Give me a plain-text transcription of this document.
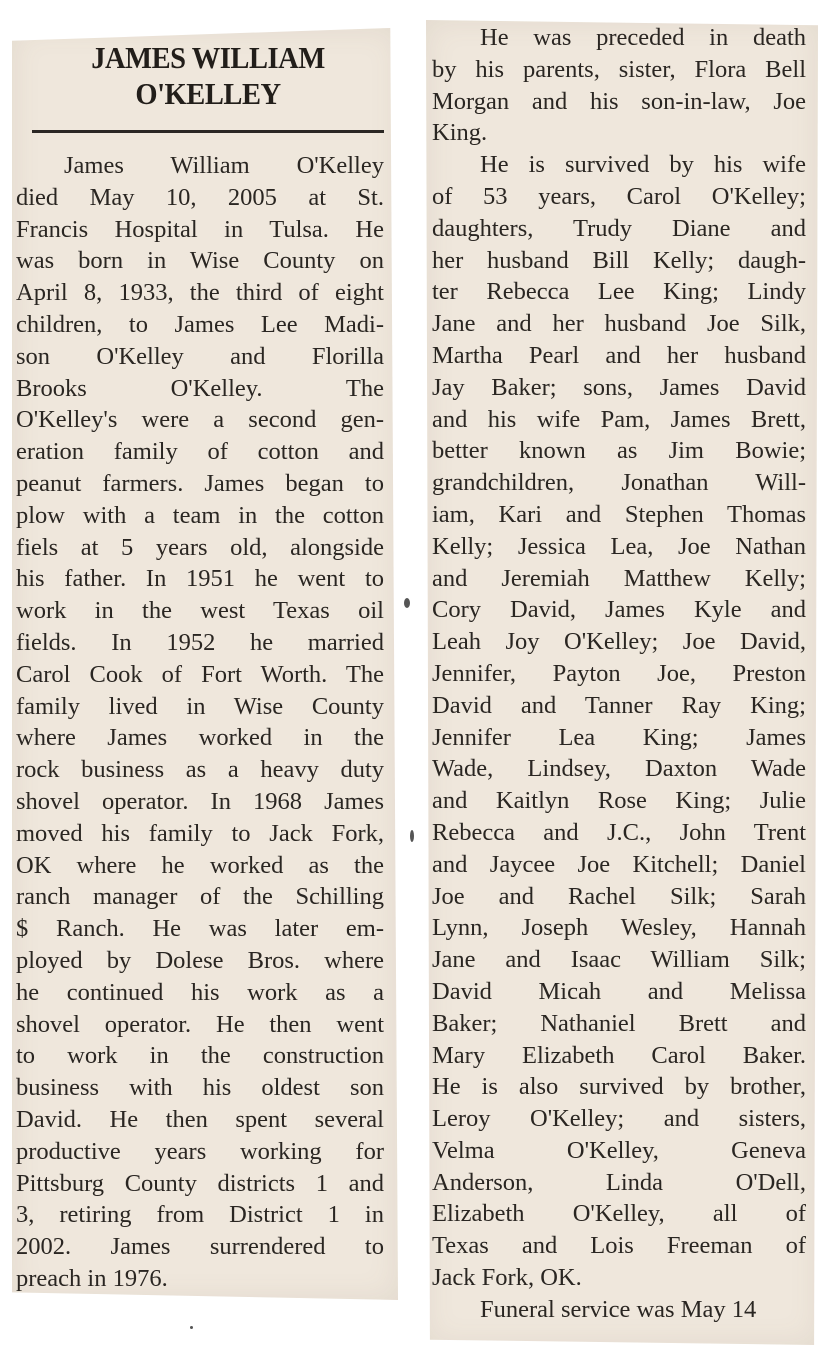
JAMES WILLIAM
O'KELLEY
James William O'Kelley
died May 10, 2005 at St.
Francis Hospital in Tulsa. He
was born in Wise County on
April 8, 1933, the third of eight
children, to James Lee Madi-
son O'Kelley and Florilla
Brooks O'Kelley. The
O'Kelley's were a second gen-
eration family of cotton and
peanut farmers. James began to
plow with a team in the cotton
fiels at 5 years old, alongside
his father. In 1951 he went to
work in the west Texas oil
fields. In 1952 he married
Carol Cook of Fort Worth. The
family lived in Wise County
where James worked in the
rock business as a heavy duty
shovel operator. In 1968 James
moved his family to Jack Fork,
OK where he worked as the
ranch manager of the Schilling
$ Ranch. He was later em-
ployed by Dolese Bros. where
he continued his work as a
shovel operator. He then went
to work in the construction
business with his oldest son
David. He then spent several
productive years working for
Pittsburg County districts 1 and
3, retiring from District 1 in
2002. James surrendered to
preach in 1976.
He was preceded in death
by his parents, sister, Flora Bell
Morgan and his son-in-law, Joe
King.
He is survived by his wife
of 53 years, Carol O'Kelley;
daughters, Trudy Diane and
her husband Bill Kelly; daugh-
ter Rebecca Lee King; Lindy
Jane and her husband Joe Silk,
Martha Pearl and her husband
Jay Baker; sons, James David
and his wife Pam, James Brett,
better known as Jim Bowie;
grandchildren, Jonathan Will-
iam, Kari and Stephen Thomas
Kelly; Jessica Lea, Joe Nathan
and Jeremiah Matthew Kelly;
Cory David, James Kyle and
Leah Joy O'Kelley; Joe David,
Jennifer, Payton Joe, Preston
David and Tanner Ray King;
Jennifer Lea King; James
Wade, Lindsey, Daxton Wade
and Kaitlyn Rose King; Julie
Rebecca and J.C., John Trent
and Jaycee Joe Kitchell; Daniel
Joe and Rachel Silk; Sarah
Lynn, Joseph Wesley, Hannah
Jane and Isaac William Silk;
David Micah and Melissa
Baker; Nathaniel Brett and
Mary Elizabeth Carol Baker.
He is also survived by brother,
Leroy O'Kelley; and sisters,
Velma O'Kelley, Geneva
Anderson, Linda O'Dell,
Elizabeth O'Kelley, all of
Texas and Lois Freeman of
Jack Fork, OK.
Funeral service was May 14
